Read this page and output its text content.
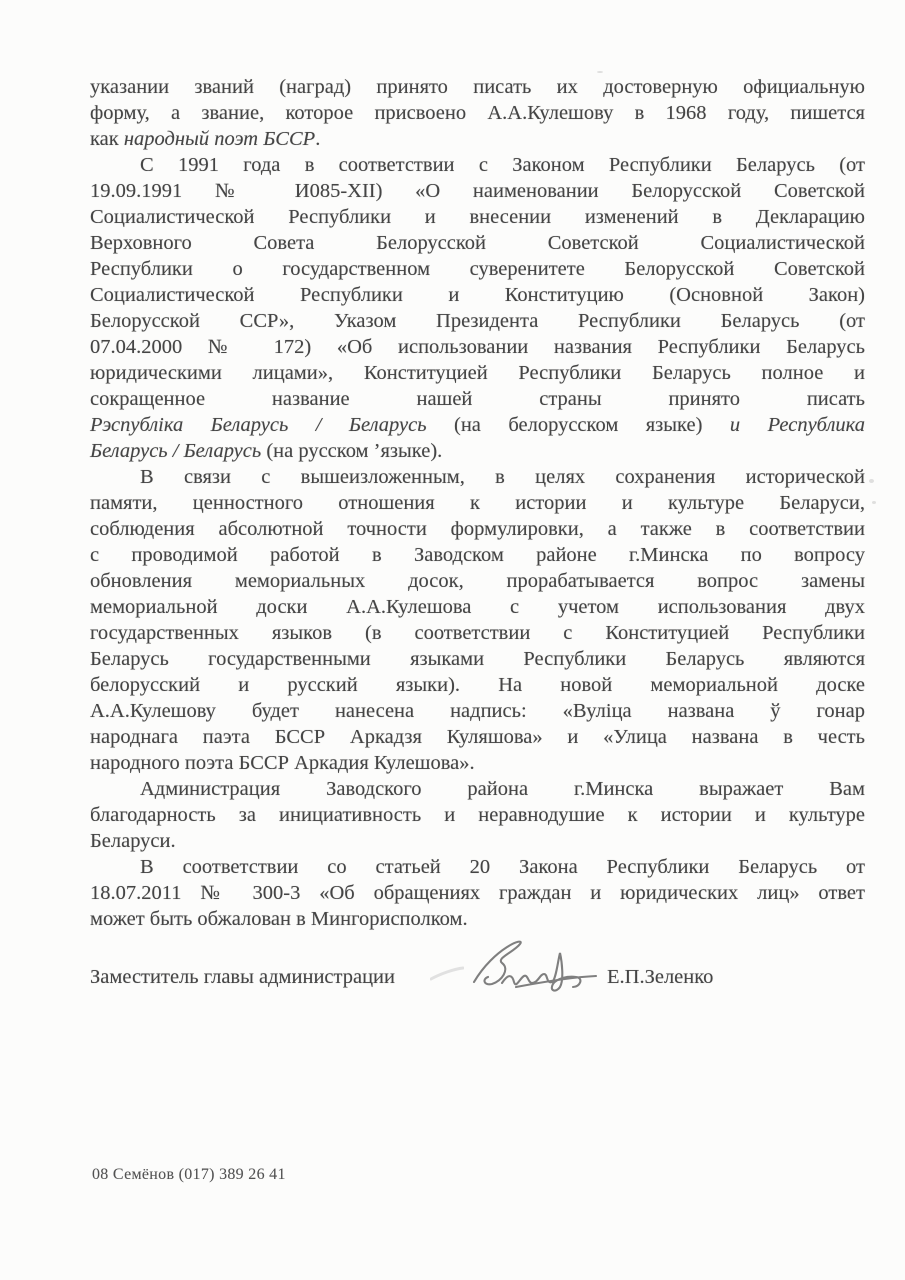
указании званий (наград) принято писать их достоверную официальную
форму, а звание, которое присвоено А.А.Кулешову в 1968 году, пишется
как народный поэт БССР.
С 1991 года в соответствии с Законом Республики Беларусь (от
19.09.1991 № И085-ХII) «О наименовании Белорусской Советской
Социалистической Республики и внесении изменений в Декларацию
Верховного Совета Белорусской Советской Социалистической
Республики о государственном суверенитете Белорусской Советской
Социалистической Республики и Конституцию (Основной Закон)
Белорусской ССР», Указом Президента Республики Беларусь (от
07.04.2000 № 172) «Об использовании названия Республики Беларусь
юридическими лицами», Конституцией Республики Беларусь полное и
сокращенное название нашей страны принято писать
Рэспубліка Беларусь / Беларусь (на белорусском языке) и Республика
Беларусь / Беларусь (на русском ’языке).
В связи с вышеизложенным, в целях сохранения исторической
памяти, ценностного отношения к истории и культуре Беларуси,
соблюдения абсолютной точности формулировки, а также в соответствии
с проводимой работой в Заводском районе г.Минска по вопросу
обновления мемориальных досок, прорабатывается вопрос замены
мемориальной доски А.А.Кулешова с учетом использования двух
государственных языков (в соответствии с Конституцией Республики
Беларусь государственными языками Республики Беларусь являются
белорусский и русский языки). На новой мемориальной доске
А.А.Кулешову будет нанесена надпись: «Вуліца названа ў гонар
народнага паэта БССР Аркадзя Куляшова» и «Улица названа в честь
народного поэта БССР Аркадия Кулешова».
Администрация Заводского района г.Минска выражает Вам
благодарность за инициативность и неравнодушие к истории и культуре
Беларуси.
В соответствии со статьей 20 Закона Республики Беларусь от
18.07.2011 № 300-3 «Об обращениях граждан и юридических лиц» ответ
может быть обжалован в Мингорисполком.
Заместитель главы администрации	Е.П.Зеленко
08 Семёнов (017) 389 26 41
